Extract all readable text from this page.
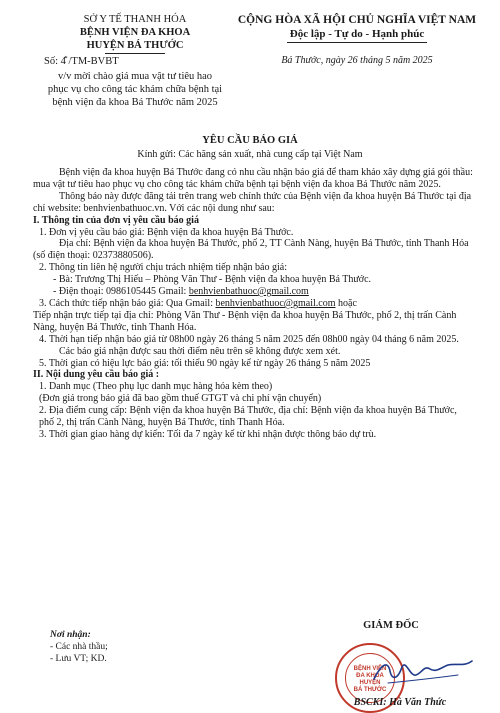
SỞ Y TẾ THANH HÓA
BỆNH VIỆN ĐA KHOA
HUYỆN BÁ THƯỚC
Số: 4̐ /TM-BVBT
v/v mời chào giá mua vật tư tiêu hao
phục vụ cho công tác khám chữa bệnh tại
bệnh viện đa khoa Bá Thước năm 2025
CỘNG HÒA XÃ HỘI CHỦ NGHĨA VIỆT NAM
Độc lập - Tự do - Hạnh phúc
Bá Thước, ngày 26 tháng 5 năm 2025
YÊU CẦU BÁO GIÁ
Kính gửi: Các hãng sản xuất, nhà cung cấp tại Việt Nam

Bệnh viện đa khoa huyện Bá Thước đang có nhu cầu nhận báo giá để tham khảo xây dựng giá gói thầu: mua vật tư tiêu hao phục vụ cho công tác khám chữa bệnh tại bệnh viện đa khoa Bá Thước năm 2025.

Thông báo này được đăng tải trên trang web chính thức của Bệnh viện đa khoa huyện Bá Thước tại địa chỉ website: benhvienbathuoc.vn. Với các nội dung như sau:

I. Thông tin của đơn vị yêu cầu báo giá

1. Đơn vị yêu cầu báo giá: Bệnh viện đa khoa huyện Bá Thước.

Địa chỉ: Bệnh viện đa khoa huyện Bá Thước, phố 2, TT Cành Nàng, huyện Bá Thước, tỉnh Thanh Hóa (số điện thoại: 02373880506).

2. Thông tin liên hệ người chịu trách nhiệm tiếp nhận báo giá:

- Bà: Trương Thị Hiếu – Phòng Văn Thư - Bệnh viện đa khoa huyện Bá Thước.

- Điện thoại: 0986105445 Gmail: benhvienbathuoc@gmail.com

3. Cách thức tiếp nhận báo giá: Qua Gmail: benhvienbathuoc@gmail.com hoặc

Tiếp nhận trực tiếp tại địa chỉ: Phòng Văn Thư - Bệnh viện đa khoa huyện Bá Thước, phố 2, thị trấn Cành Nàng, huyện Bá Thước, tỉnh Thanh Hóa.

4. Thời hạn tiếp nhận báo giá từ 08h00 ngày 26 tháng 5 năm 2025 đến 08h00 ngày 04 tháng 6 năm 2025.

Các báo giá nhận được sau thời điểm nêu trên sẽ không được xem xét.

5. Thời gian có hiệu lực báo giá: tối thiểu 90 ngày kể từ ngày 26 tháng 5 năm 2025

II. Nội dung yêu cầu báo giá :

1. Danh mục (Theo phụ lục danh mục hàng hóa kèm theo)

(Đơn giá trong báo giá đã bao gồm thuế GTGT và chi phí vận chuyển)

2. Địa điểm cung cấp: Bệnh viện đa khoa huyện Bá Thước, địa chỉ: Bệnh viện đa khoa huyện Bá Thước, phố 2, thị trấn Cành Nàng, huyện Bá Thước, tỉnh Thanh Hóa.

3. Thời gian giao hàng dự kiến: Tối đa 7 ngày kể từ khi nhận được thông báo dự trù.

Nơi nhận:
- Các nhà thầu;
- Lưu VT; KD.
GIÁM ĐỐC
BỆNH VIỆN
ĐA KHOA
HUYỆN
BÁ THƯỚC
BSCKI: Hà Văn Thức
